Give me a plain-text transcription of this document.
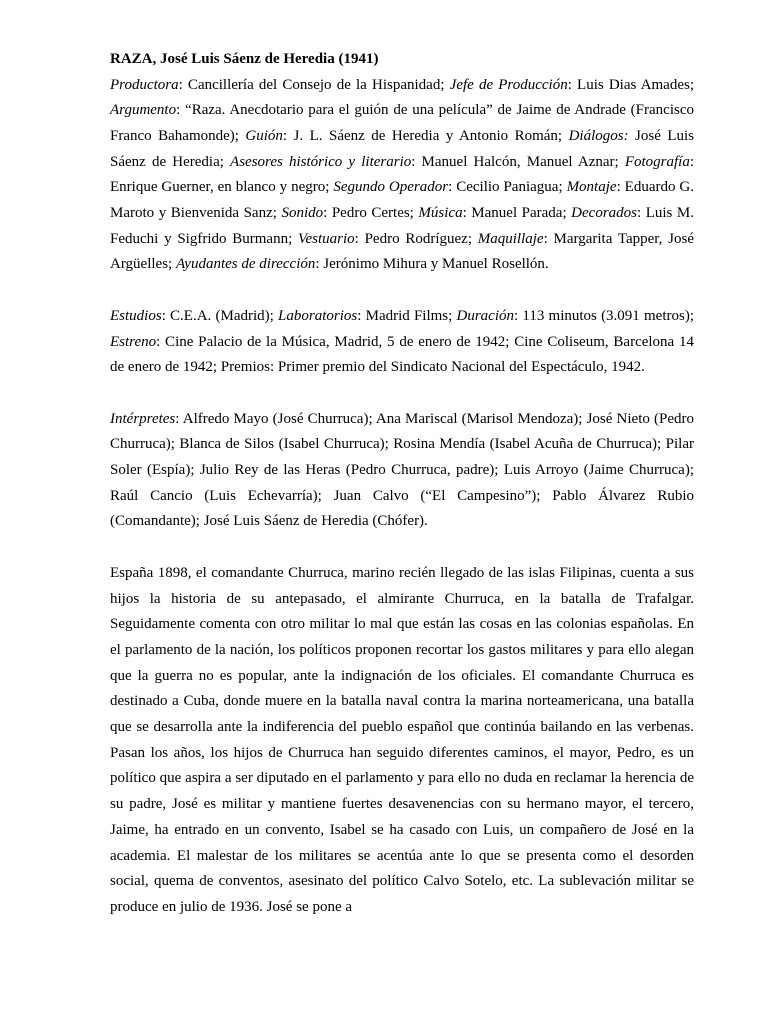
RAZA, José Luis Sáenz de Heredia (1941)

Productora: Cancillería del Consejo de la Hispanidad; Jefe de Producción: Luis Dias Amades; Argumento: “Raza. Anecdotario para el guión de una película” de Jaime de Andrade (Francisco Franco Bahamonde); Guión: J. L. Sáenz de Heredia y Antonio Román; Diálogos: José Luis Sáenz de Heredia; Asesores histórico y literario: Manuel Halcón, Manuel Aznar; Fotografía: Enrique Guerner, en blanco y negro; Segundo Operador: Cecilio Paniagua; Montaje: Eduardo G. Maroto y Bienvenida Sanz; Sonido: Pedro Certes; Música: Manuel Parada; Decorados: Luis M. Feduchi y Sigfrido Burmann; Vestuario: Pedro Rodríguez; Maquillaje: Margarita Tapper, José Argüelles; Ayudantes de dirección: Jerónimo Mihura y Manuel Rosellón.

Estudios: C.E.A. (Madrid); Laboratorios: Madrid Films; Duración: 113 minutos (3.091 metros); Estreno: Cine Palacio de la Música, Madrid, 5 de enero de 1942; Cine Coliseum, Barcelona 14 de enero de 1942; Premios: Primer premio del Sindicato Nacional del Espectáculo, 1942.

Intérpretes: Alfredo Mayo (José Churruca); Ana Mariscal (Marisol Mendoza); José Nieto (Pedro Churruca); Blanca de Silos (Isabel Churruca); Rosina Mendía (Isabel Acuña de Churruca); Pilar Soler (Espía); Julio Rey de las Heras (Pedro Churruca, padre); Luis Arroyo (Jaime Churruca); Raúl Cancio (Luis Echevarría); Juan Calvo (“El Campesino”); Pablo Álvarez Rubio (Comandante); José Luis Sáenz de Heredia (Chófer).

España 1898, el comandante Churruca, marino recién llegado de las islas Filipinas, cuenta a sus hijos la historia de su antepasado, el almirante Churruca, en la batalla de Trafalgar. Seguidamente comenta con otro militar lo mal que están las cosas en las colonias españolas. En el parlamento de la nación, los políticos proponen recortar los gastos militares y para ello alegan que la guerra no es popular, ante la indignación de los oficiales. El comandante Churruca es destinado a Cuba, donde muere en la batalla naval contra la marina norteamericana, una batalla que se desarrolla ante la indiferencia del pueblo español que continúa bailando en las verbenas. Pasan los años, los hijos de Churruca han seguido diferentes caminos, el mayor, Pedro, es un político que aspira a ser diputado en el parlamento y para ello no duda en reclamar la herencia de su padre, José es militar y mantiene fuertes desavenencias con su hermano mayor, el tercero, Jaime, ha entrado en un convento, Isabel se ha casado con Luis, un compañero de José en la academia. El malestar de los militares se acentúa ante lo que se presenta como el desorden social, quema de conventos, asesinato del político Calvo Sotelo, etc. La sublevación militar se produce en julio de 1936. José se pone a
